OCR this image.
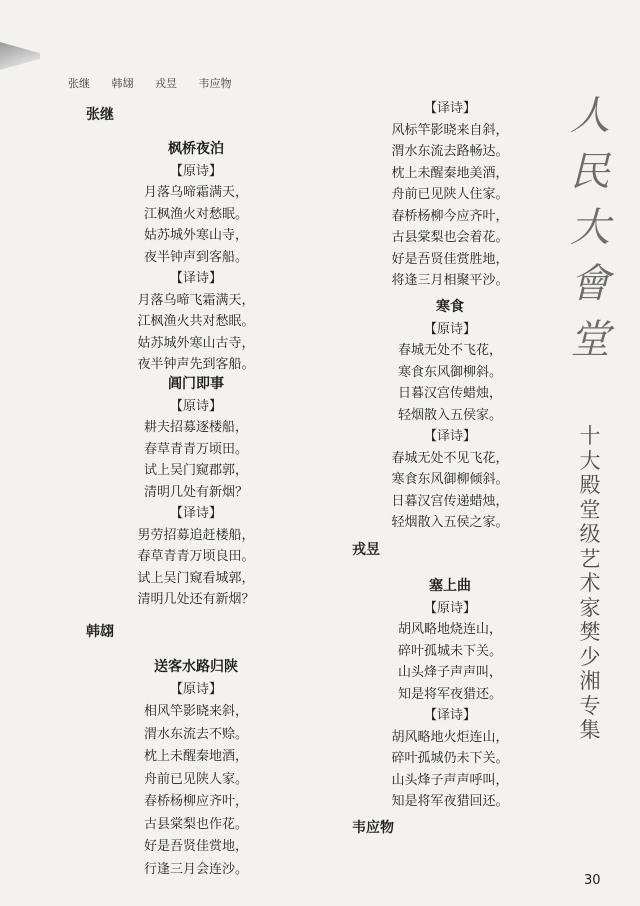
张继 韩翃 戎昱 韦应物
张继
枫桥夜泊
【原诗】
月落乌啼霜满天，
江枫渔火对愁眠。
姑苏城外寒山寺，
夜半钟声到客船。
【译诗】
月落乌啼飞霜满天，
江枫渔火共对愁眠。
姑苏城外寒山古寺，
夜半钟声先到客船。
阊门即事
【原诗】
耕夫招募逐楼船，
春草青青万顷田。
试上吴门窥郡郭，
清明几处有新烟？
【译诗】
男劳招募追赶楼船，
春草青青万顷良田。
试上吴门窥看城郭，
清明几处还有新烟？
韩翃
送客水路归陕
【原诗】
相风竿影晓来斜，
渭水东流去不赊。
枕上未醒秦地酒，
舟前已见陕人家。
春桥杨柳应齐叶，
古县棠梨也作花。
好是吾贤佳赏地，
行逢三月会连沙。
【译诗】
风标竿影晓来自斜，
渭水东流去路畅达。
枕上未醒秦地美酒，
舟前已见陕人住家。
春桥杨柳今应齐叶，
古县棠梨也会着花。
好是吾贤佳赏胜地，
将逢三月相聚平沙。
寒食
【原诗】
春城无处不飞花，
寒食东风御柳斜。
日暮汉宫传蜡烛，
轻烟散入五侯家。
【译诗】
春城无处不见飞花，
寒食东风御柳倾斜。
日暮汉宫传递蜡烛，
轻烟散入五侯之家。
戎昱
塞上曲
【原诗】
胡风略地烧连山，
碎叶孤城未下关。
山头烽子声声叫，
知是将军夜猎还。
【译诗】
胡风略地火炬连山，
碎叶孤城仍未下关。
山头烽子声声呼叫，
知是将军夜猎回还。
韦应物
人
民
大
會
堂
十
大
殿
堂
级
艺
术
家
樊
少
湘
专
集
30
